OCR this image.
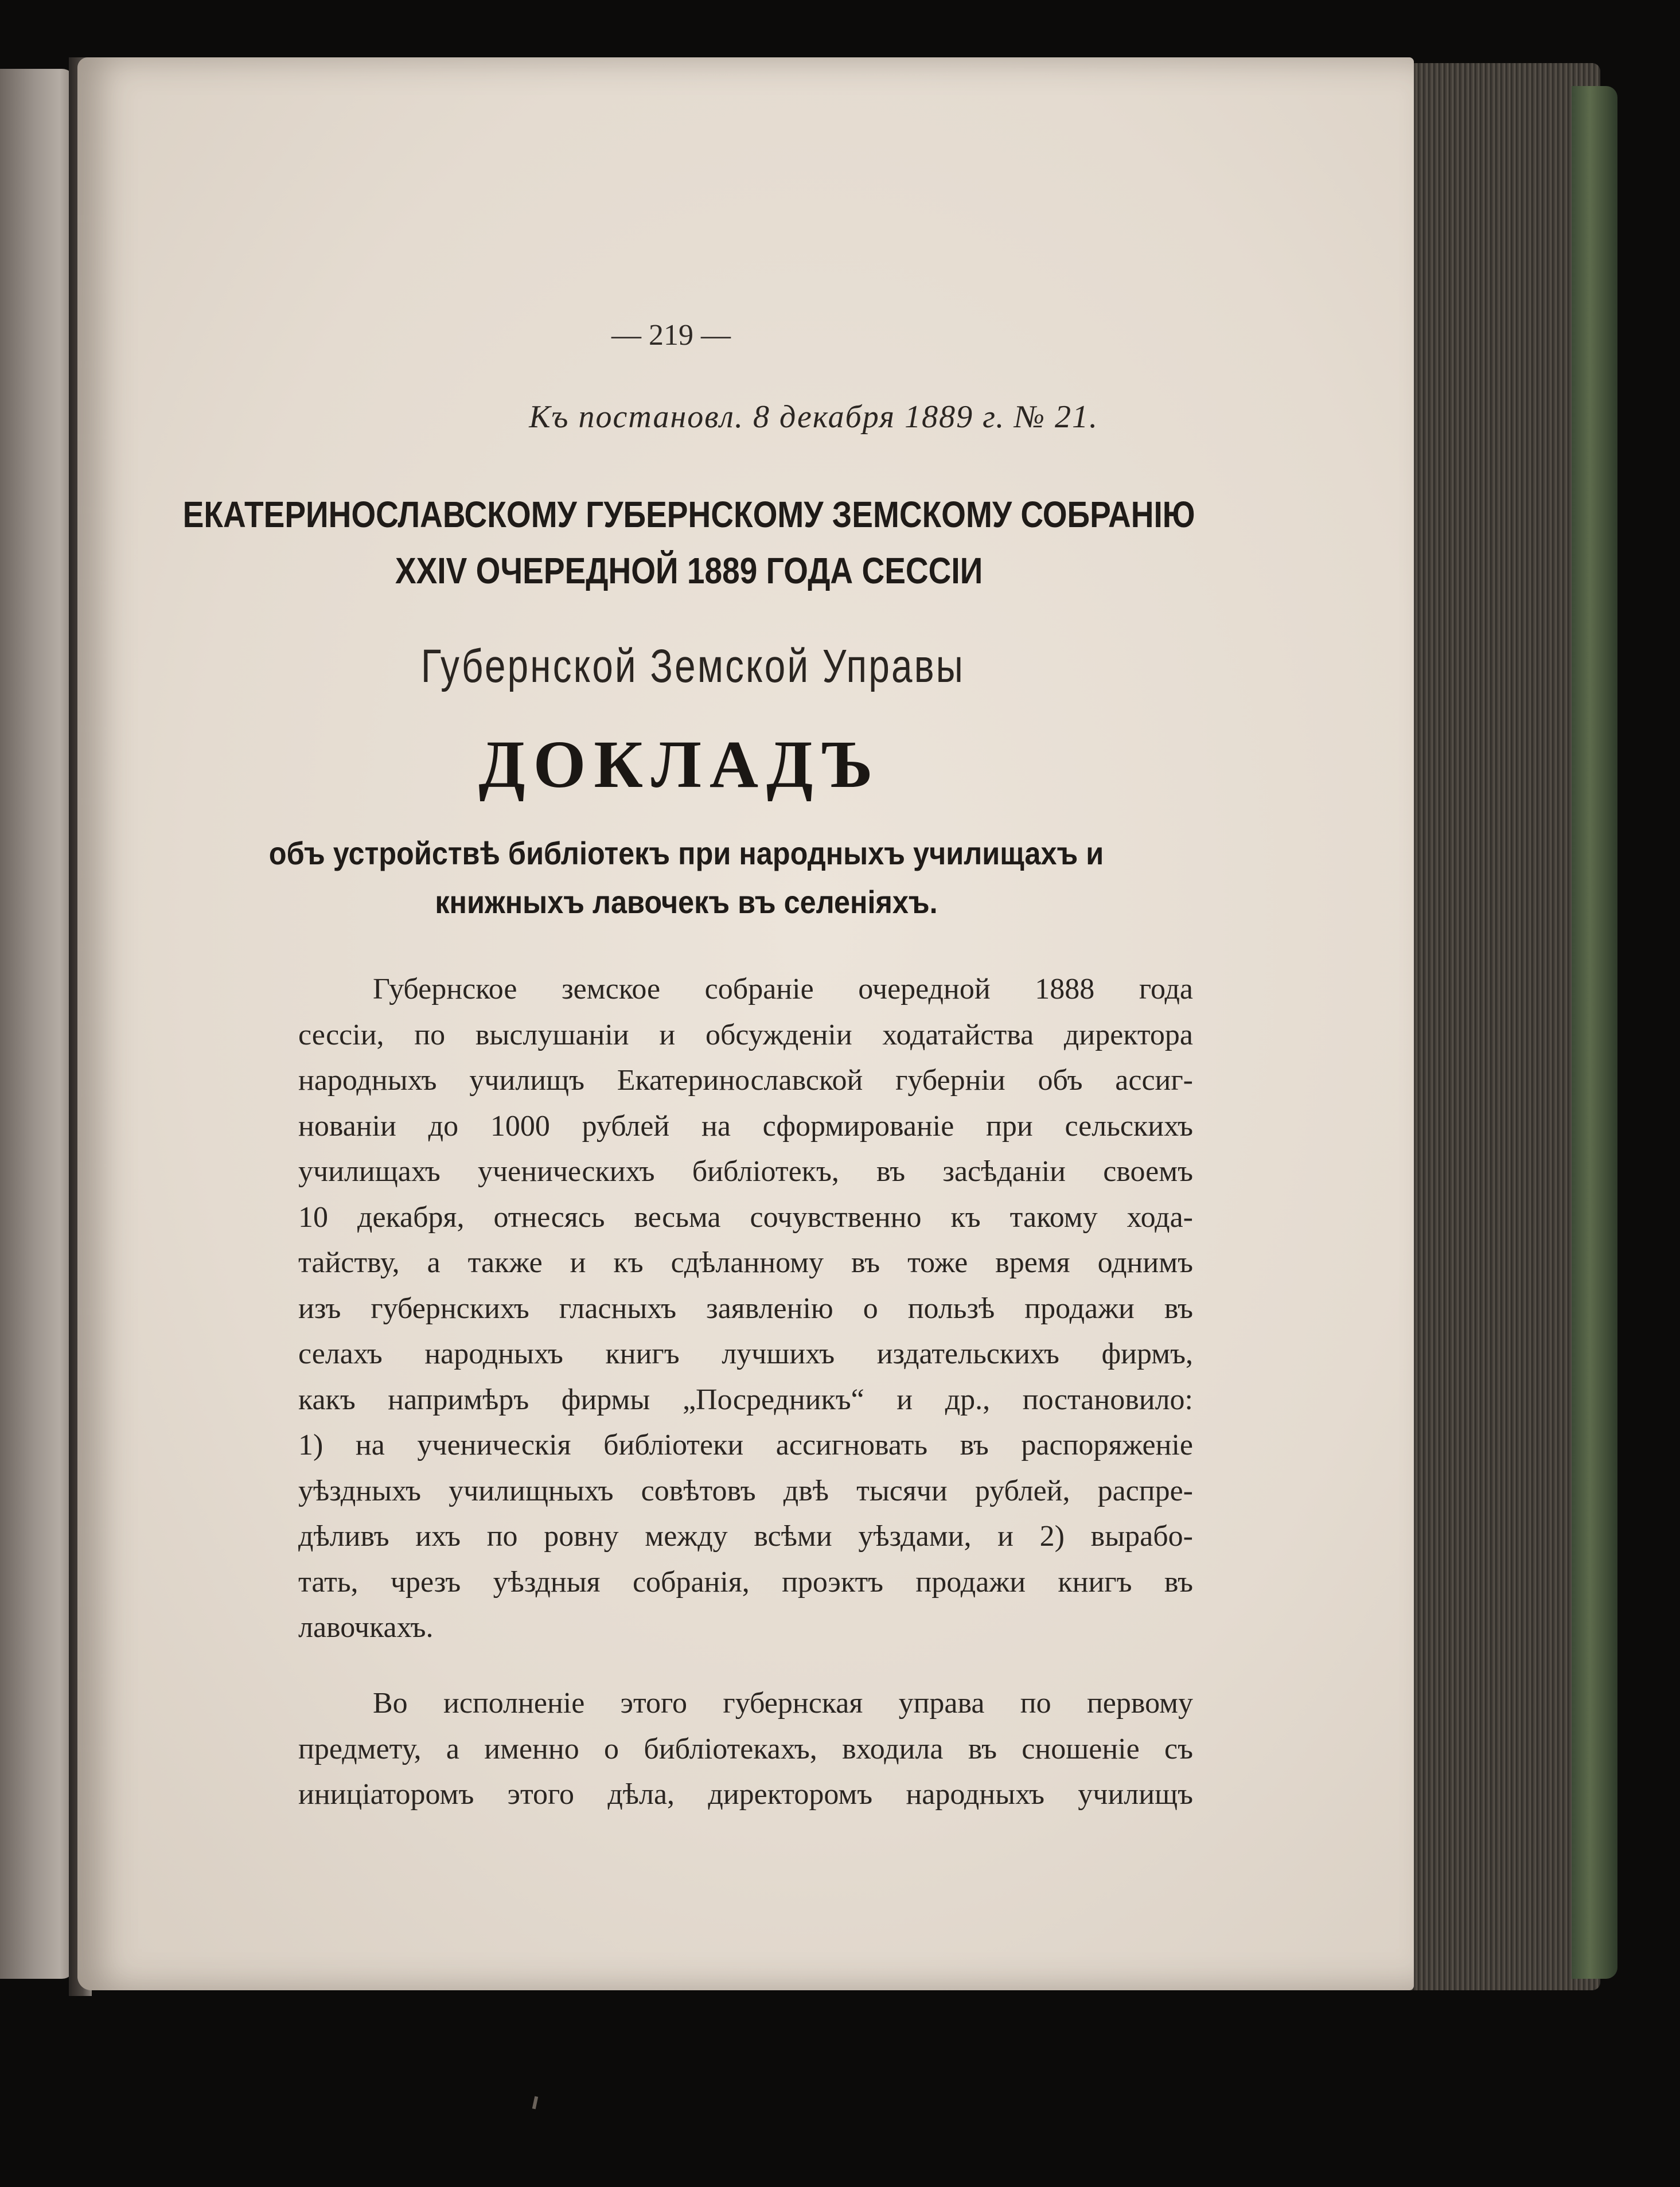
— 219 —
Къ постановл. 8 декабря 1889 г. № 21.
ЕКАТЕРИНОСЛАВСКОМУ ГУБЕРНСКОМУ ЗЕМСКОМУ СОБРАНІЮ
XXIV ОЧЕРЕДНОЙ 1889 ГОДА СЕССІИ
Губернской Земской Управы
ДОКЛАДЪ
объ устройствѣ библіотекъ при народныхъ училищахъ и
книжныхъ лавочекъ въ селеніяхъ.
Губернское земское собраніе очередной 1888 года
сессіи, по выслушаніи и обсужденіи ходатайства директора
народныхъ училищъ Екатеринославской губерніи объ ассиг-
нованіи до 1000 рублей на сформированіе при сельскихъ
училищахъ ученическихъ библіотекъ, въ засѣданіи своемъ
10 декабря, отнесясь весьма сочувственно къ такому хода-
тайству, а также и къ сдѣланному въ тоже время однимъ
изъ губернскихъ гласныхъ заявленію о пользѣ продажи въ
селахъ народныхъ книгъ лучшихъ издательскихъ фирмъ,
какъ напримѣръ фирмы „Посредникъ“ и др., постановило:
1) на ученическія библіотеки ассигновать въ распоряженіе
уѣздныхъ училищныхъ совѣтовъ двѣ тысячи рублей, распре-
дѣливъ ихъ по ровну между всѣми уѣздами, и 2) вырабо-
тать, чрезъ уѣздныя собранія, проэктъ продажи книгъ въ
лавочкахъ.
Во исполненіе этого губернская управа по первому
предмету, а именно о библіотекахъ, входила въ сношеніе съ
иниціаторомъ этого дѣла, директоромъ народныхъ училищъ
